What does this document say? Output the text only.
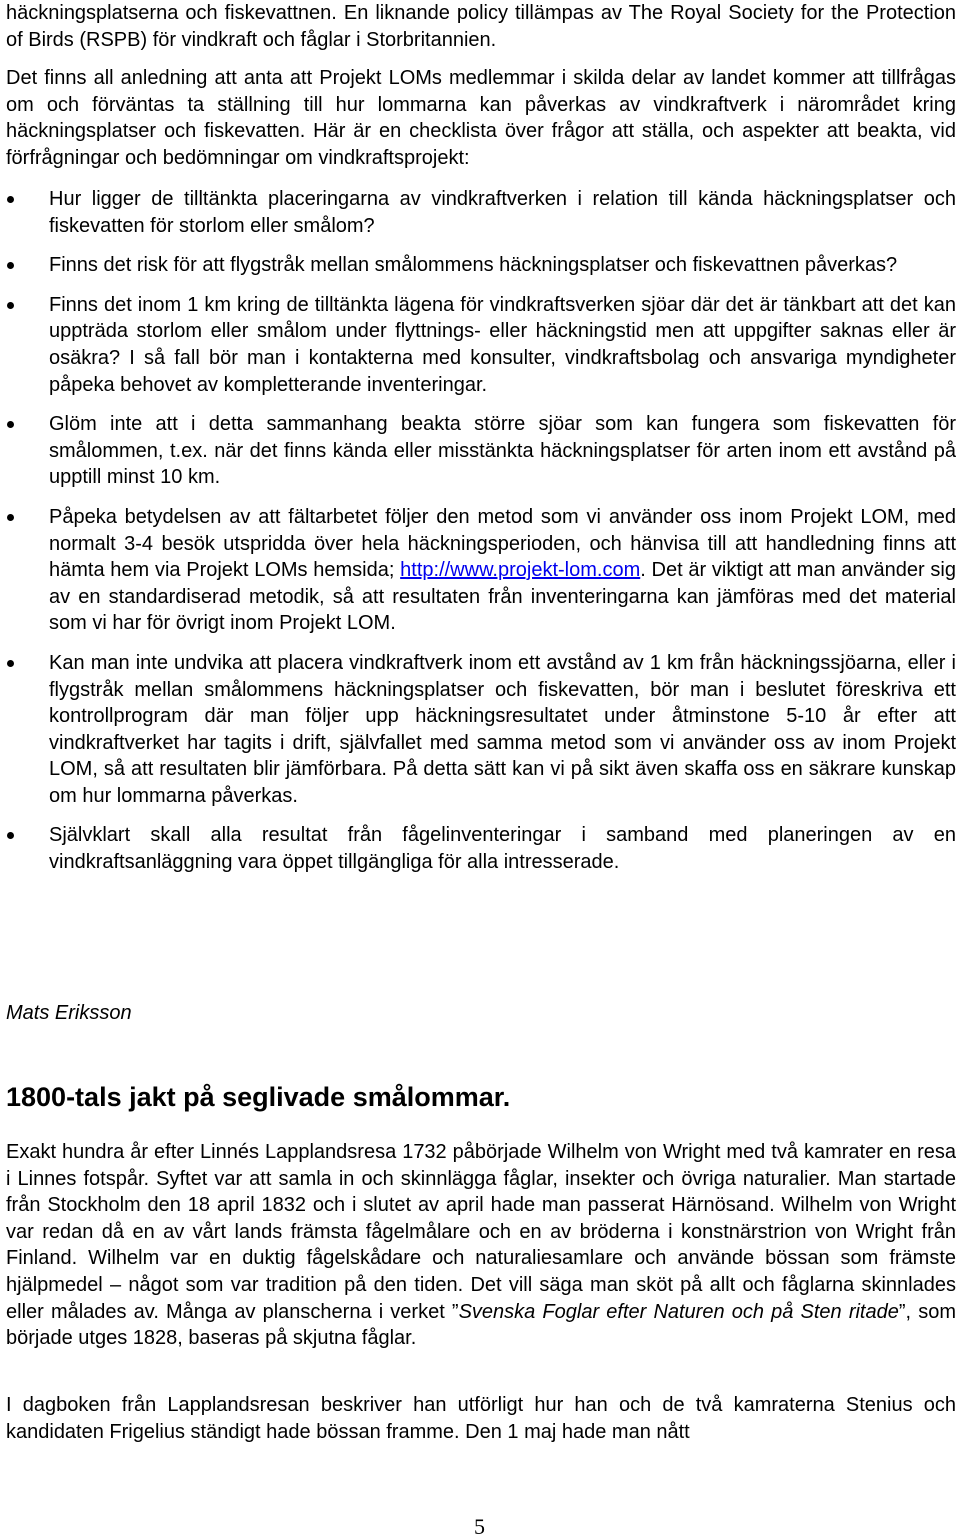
häckningsplatserna och fiskevattnen. En liknande policy tillämpas av The Royal Society for the Protection of Birds (RSPB) för vindkraft och fåglar i Storbritannien.

Det finns all anledning att anta att Projekt LOMs medlemmar i skilda delar av landet kommer att tillfrågas om och förväntas ta ställning till hur lommarna kan påverkas av vindkraftverk i närområdet kring häckningsplatser och fiskevatten. Här är en checklista över frågor att ställa, och aspekter att beakta, vid förfrågningar och bedömningar om vindkraftsprojekt:

Hur ligger de tilltänkta placeringarna av vindkraftverken i relation till kända häckningsplatser och fiskevatten för storlom eller smålom?
Finns det risk för att flygstråk mellan smålommens häckningsplatser och fiskevattnen påverkas?
Finns det inom 1 km kring de tilltänkta lägena för vindkraftsverken sjöar där det är tänkbart att det kan uppträda storlom eller smålom under flyttnings- eller häckningstid men att uppgifter saknas eller är osäkra? I så fall bör man i kontakterna med konsulter, vindkraftsbolag och ansvariga myndigheter påpeka behovet av kompletterande inventeringar.
Glöm inte att i detta sammanhang beakta större sjöar som kan fungera som fiskevatten för smålommen, t.ex. när det finns kända eller misstänkta häckningsplatser för arten inom ett avstånd på upptill minst 10 km.
Påpeka betydelsen av att fältarbetet följer den metod som vi använder oss inom Projekt LOM, med normalt 3-4 besök utspridda över hela häckningsperioden, och hänvisa till att handledning finns att hämta hem via Projekt LOMs hemsida; http://www.projekt-lom.com. Det är viktigt att man använder sig av en standardiserad metodik, så att resultaten från inventeringarna kan jämföras med det material som vi har för övrigt inom Projekt LOM.
Kan man inte undvika att placera vindkraftverk inom ett avstånd av 1 km från häckningssjöarna, eller i flygstråk mellan smålommens häckningsplatser och fiskevatten, bör man i beslutet föreskriva ett kontrollprogram där man följer upp häckningsresultatet under åtminstone 5-10 år efter att vindkraftverket har tagits i drift, självfallet med samma metod som vi använder oss av inom Projekt LOM, så att resultaten blir jämförbara. På detta sätt kan vi på sikt även skaffa oss en säkrare kunskap om hur lommarna påverkas.
Självklart skall alla resultat från fågelinventeringar i samband med planeringen av en vindkraftsanläggning vara öppet tillgängliga för alla intresserade.
Mats Eriksson
1800-tals jakt på seglivade smålommar.

Exakt hundra år efter Linnés Lapplandsresa 1732 påbörjade Wilhelm von Wright med två kamrater en resa i Linnes fotspår. Syftet var att samla in och skinnlägga fåglar, insekter och övriga naturalier. Man startade från Stockholm den 18 april 1832 och i slutet av april hade man passerat Härnösand. Wilhelm von Wright var redan då en av vårt lands främsta fågelmålare och en av bröderna i konstnärstrion von Wright från Finland. Wilhelm var en duktig fågelskådare och naturaliesamlare och använde bössan som främste hjälpmedel – något som var tradition på den tiden. Det vill säga man sköt på allt och fåglarna skinnlades eller målades av. Många av planscherna i verket ”Svenska Foglar efter Naturen och på Sten ritade”, som började utges 1828, baseras på skjutna fåglar.

I dagboken från Lapplandsresan beskriver han utförligt hur han och de två kamraterna Stenius och kandidaten Frigelius ständigt hade bössan framme. Den 1 maj hade man nått

5
